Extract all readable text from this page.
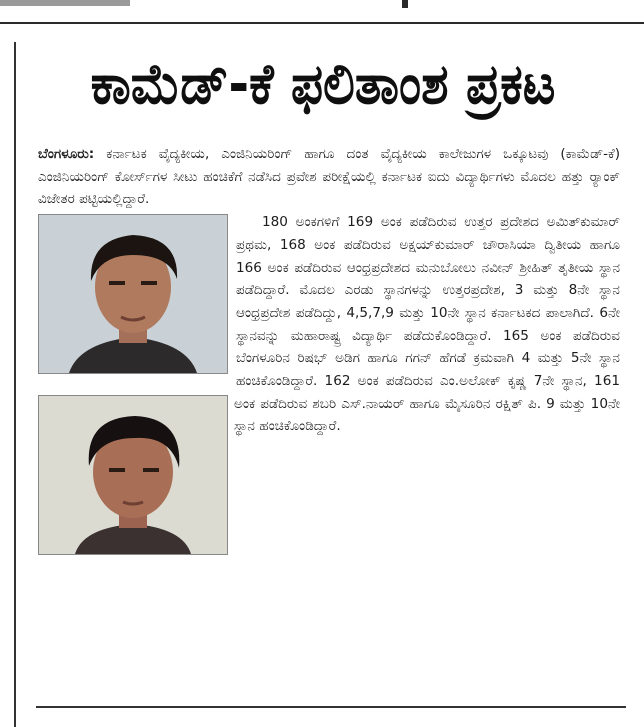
ಕಾಮೆಡ್-ಕೆ ಫಲಿತಾಂಶ ಪ್ರಕಟ

ಬೆಂಗಳೂರು: ಕರ್ನಾಟಕ ವೈದ್ಯಕೀಯ, ಎಂಜಿನಿಯರಿಂಗ್ ಹಾಗೂ ದಂತ ವೈದ್ಯಕೀಯ ಕಾಲೇಜುಗಳ ಒಕ್ಕೂಟವು (ಕಾಮೆಡ್-ಕೆ) ಎಂಜಿನಿಯರಿಂಗ್ ಕೋರ್ಸ್‌ಗಳ ಸೀಟು ಹಂಚಿಕೆಗೆ ನಡೆಸಿದ ಪ್ರವೇಶ ಪರೀಕ್ಷೆಯಲ್ಲಿ ಕರ್ನಾಟಕ ಐದು ವಿದ್ಯಾರ್ಥಿಗಳು ಮೊದಲ ಹತ್ತು ರ‍್ಯಾಂಕ್ ವಿಜೇತರ ಪಟ್ಟಿಯಲ್ಲಿದ್ದಾರೆ.

180 ಅಂಕಗಳಿಗೆ 169 ಅಂಕ ಪಡೆದಿರುವ ಉತ್ತರ ಪ್ರದೇಶದ ಅಮಿತ್‌ಕುಮಾರ್ ಪ್ರಥಮ, 168 ಅಂಕ ಪಡೆದಿರುವ ಅಕ್ಷಯ್‌ಕುಮಾರ್ ಚೌರಾಸಿಯಾ ದ್ವಿತೀಯ ಹಾಗೂ 166 ಅಂಕ ಪಡೆದಿರುವ ಆಂಧ್ರಪ್ರದೇಶದ ಮನುಬೋಲು ನವೀನ್ ಶ್ರೀಹಿತ್ ತೃತೀಯ ಸ್ಥಾನ ಪಡೆದಿದ್ದಾರೆ. ಮೊದಲ ಎರಡು ಸ್ಥಾನಗಳನ್ನು ಉತ್ತರಪ್ರದೇಶ, 3 ಮತ್ತು 8ನೇ ಸ್ಥಾನ ಆಂಧ್ರಪ್ರದೇಶ ಪಡೆದಿದ್ದು, 4,5,7,9 ಮತ್ತು 10ನೇ ಸ್ಥಾನ ಕರ್ನಾಟಕದ ಪಾಲಾಗಿದೆ. 6ನೇ ಸ್ಥಾನವನ್ನು ಮಹಾರಾಷ್ಟ್ರ ವಿದ್ಯಾರ್ಥಿ ಪಡೆದುಕೊಂಡಿದ್ದಾರೆ. 165 ಅಂಕ ಪಡೆದಿರುವ ಬೆಂಗಳೂರಿನ ರಿಷಭ್ ಅಡಿಗ ಹಾಗೂ ಗಗನ್ ಹೆಗಡೆ ಕ್ರಮವಾಗಿ 4 ಮತ್ತು 5ನೇ ಸ್ಥಾನ ಹಂಚಿಕೊಂಡಿದ್ದಾರೆ. 162 ಅಂಕ ಪಡೆದಿರುವ ಎಂ.ಅಲೋಕ್ ಕೃಷ್ಣ 7ನೇ ಸ್ಥಾನ, 161 ಅಂಕ ಪಡೆದಿರುವ ಶಬರಿ ಎಸ್.ನಾಯರ್ ಹಾಗೂ ಮೈಸೂರಿನ ರಕ್ಷಿತ್ ಪಿ. 9 ಮತ್ತು 10ನೇ ಸ್ಥಾನ ಹಂಚಿಕೊಂಡಿದ್ದಾರೆ.
